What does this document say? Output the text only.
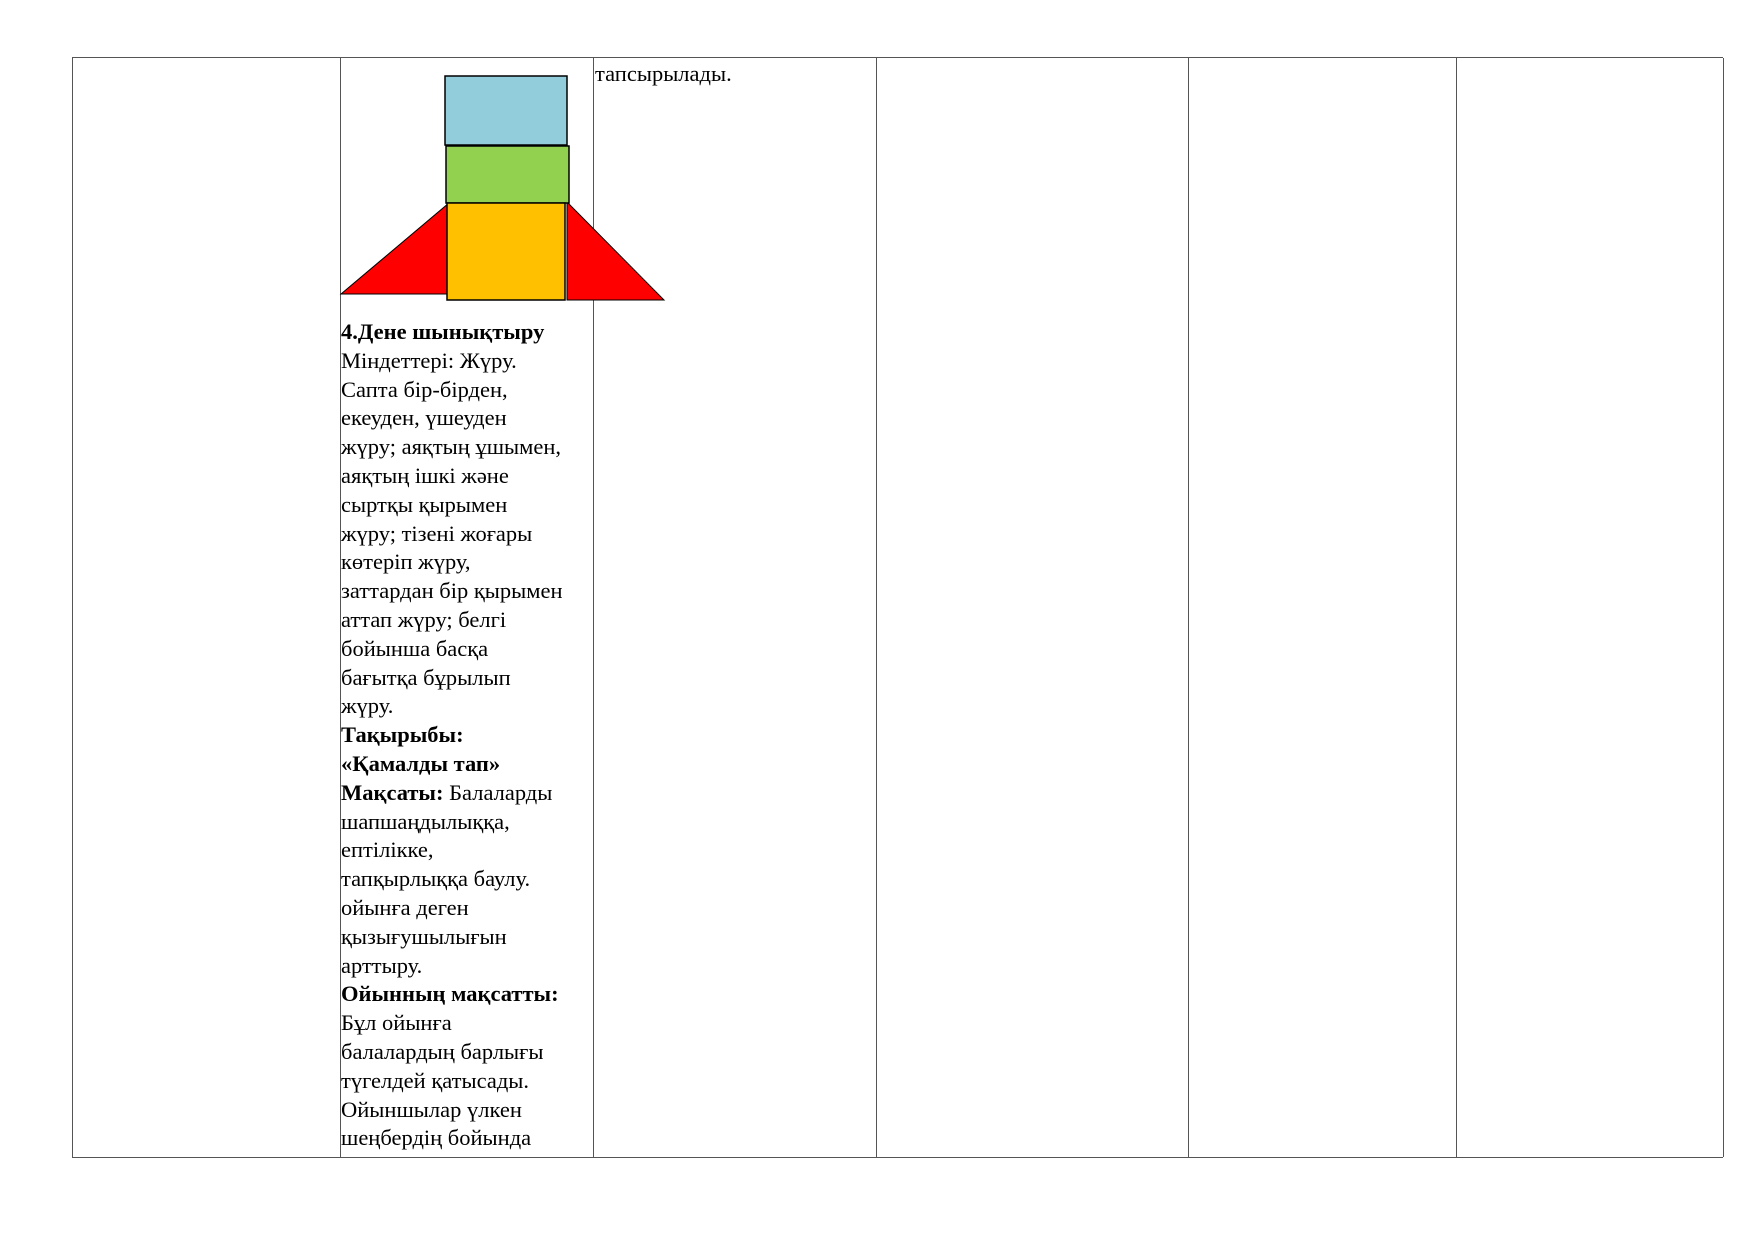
4.Дене шынықтыру
Міндеттері: Жүру.
Сапта бір-бірден,
екеуден, үшеуден
жүру; аяқтың ұшымен,
аяқтың ішкі және
сыртқы қырымен
жүру; тізені жоғары
көтеріп жүру,
заттардан бір қырымен
аттап жүру; белгі
бойынша басқа
бағытқа бұрылып
жүру.
Тақырыбы:
«Қамалды тап»
Мақсаты: Балаларды
шапшаңдылыққа,
ептілікке,
тапқырлыққа баулу.
ойынға деген
қызығушылығын
арттыру.
Ойынның мақсатты:
Бұл ойынға
балалардың барлығы
түгелдей қатысады.
Ойыншылар үлкен
шеңбердің бойында
тапсырылады.
